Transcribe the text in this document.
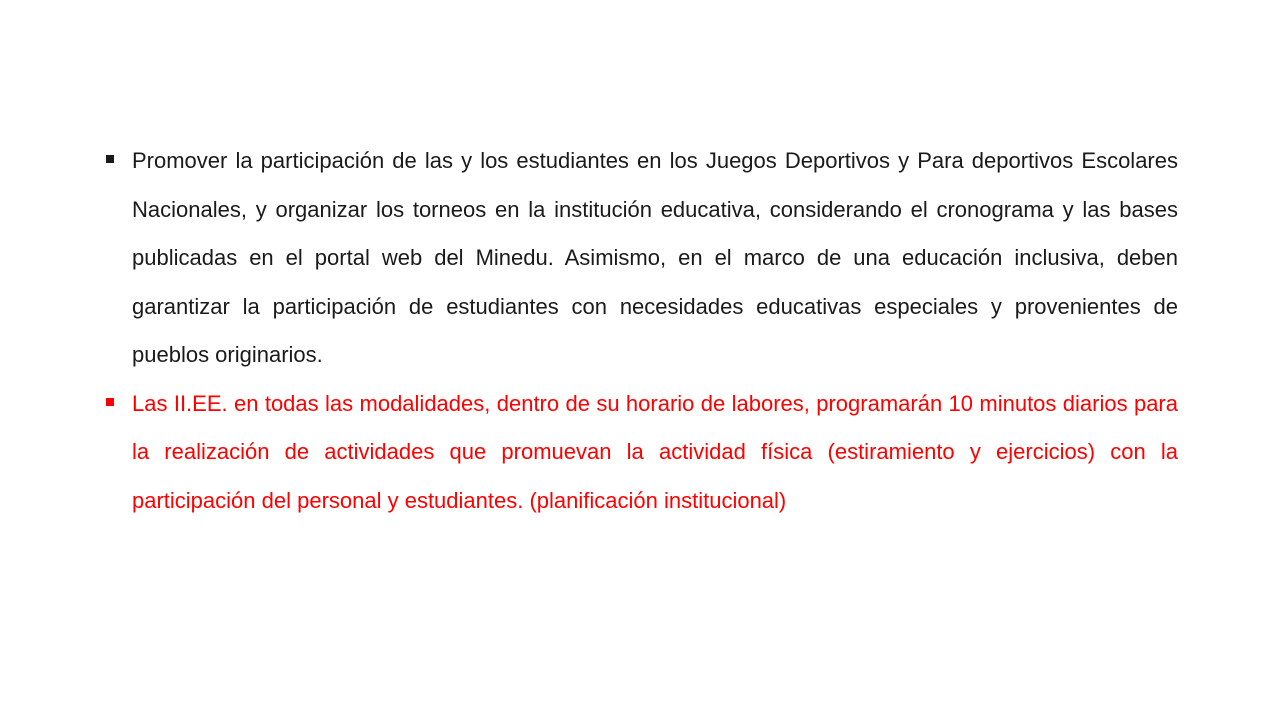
Promover la participación de las y los estudiantes en los Juegos Deportivos y Para deportivos Escolares Nacionales, y organizar los torneos en la institución educativa, considerando el cronograma y las bases publicadas en el portal web del Minedu. Asimismo, en el marco de una educación inclusiva, deben garantizar la participación de estudiantes con necesidades educativas especiales y provenientes de pueblos originarios.
Las II.EE. en todas las modalidades, dentro de su horario de labores, programarán 10 minutos diarios para la realización de actividades que promuevan la actividad física (estiramiento y ejercicios) con la participación del personal y estudiantes. (planificación institucional)
